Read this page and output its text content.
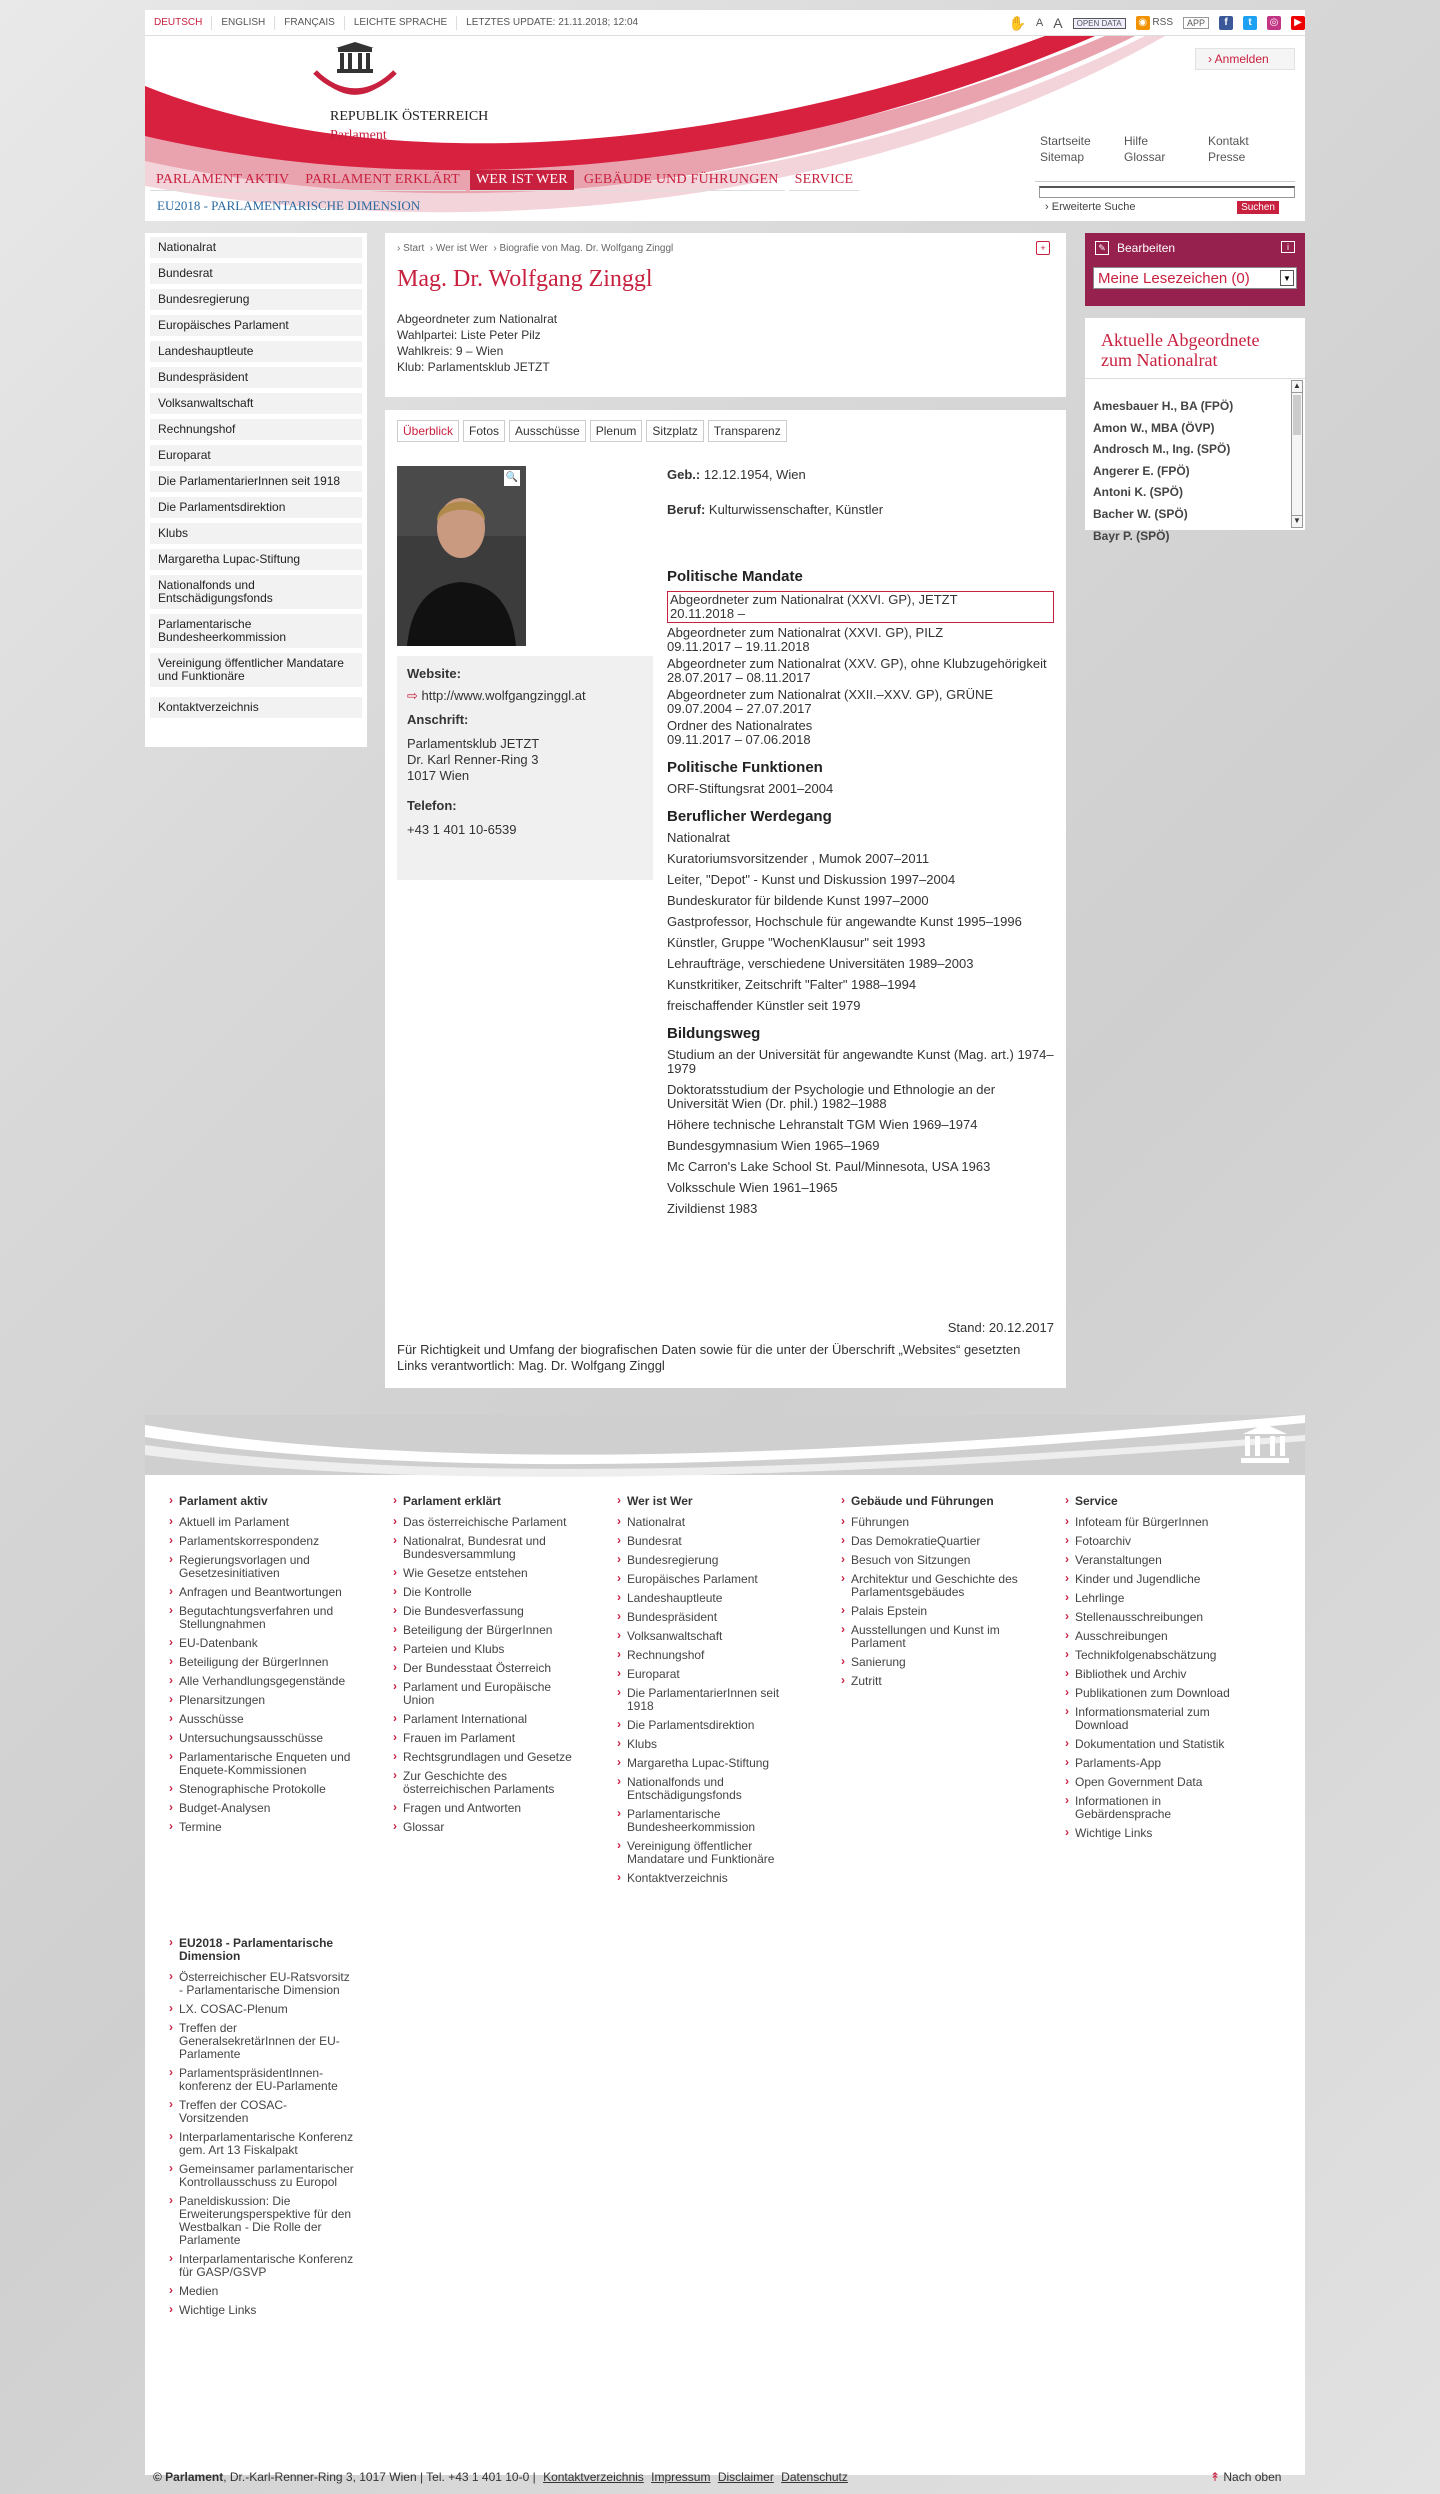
DEUTSCH	ENGLISH	FRANÇAIS	LEICHTE SPRACHE	LETZTES UPDATE: 21.11.2018; 12:04	✋ A A	OPEN DATA	◉ RSS	APP	f	t	◎	▶
REPUBLIK ÖSTERREICH
Parlament
› Anmelden
Startseite
Sitemap
Hilfe
Glossar
Kontakt
Presse
PARLAMENT AKTIV	PARLAMENT ERKLÄRT	WER IST WER	GEBÄUDE UND FÜHRUNGEN	SERVICE
EU2018 - PARLAMENTARISCHE DIMENSION	› Erweiterte Suche	Suchen
Nationalrat
Bundesrat
Bundesregierung
Europäisches Parlament
Landeshauptleute
Bundespräsident
Volksanwaltschaft
Rechnungshof
Europarat
Die ParlamentarierInnen seit 1918
Die Parlamentsdirektion
Klubs
Margaretha Lupac-Stiftung
Nationalfonds und Entschädigungsfonds
Parlamentarische Bundesheerkommission
Vereinigung öffentlicher Mandatare und Funktionäre
Kontaktverzeichnis
› Start  › Wer ist Wer  › Biografie von Mag. Dr. Wolfgang Zinggl	+
Mag. Dr. Wolfgang Zinggl
Abgeordneter zum Nationalrat
Wahlpartei: Liste Peter Pilz
Wahlkreis: 9 – Wien
Klub: Parlamentsklub JETZT
Überblick	Fotos	Ausschüsse	Plenum	Sitzplatz	Transparenz
🔍
Website:
⇨ http://www.wolfgangzinggl.at
Anschrift:
Parlamentsklub JETZT
Dr. Karl Renner-Ring 3
1017 Wien
Telefon:
+43 1 401 10-6539
Geb.: 12.12.1954, Wien
Beruf: Kulturwissenschafter, Künstler
Politische Mandate
Abgeordneter zum Nationalrat (XXVI. GP), JETZT
20.11.2018 –
Abgeordneter zum Nationalrat (XXVI. GP), PILZ
09.11.2017 – 19.11.2018
Abgeordneter zum Nationalrat (XXV. GP), ohne Klubzugehörigkeit
28.07.2017 – 08.11.2017
Abgeordneter zum Nationalrat (XXII.–XXV. GP), GRÜNE
09.07.2004 – 27.07.2017
Ordner des Nationalrates
09.11.2017 – 07.06.2018
Politische Funktionen
ORF-Stiftungsrat 2001–2004
Beruflicher Werdegang
Nationalrat
Kuratoriumsvorsitzender , Mumok 2007–2011
Leiter, "Depot" - Kunst und Diskussion 1997–2004
Bundeskurator für bildende Kunst 1997–2000
Gastprofessor, Hochschule für angewandte Kunst 1995–1996
Künstler, Gruppe "WochenKlausur" seit 1993
Lehraufträge, verschiedene Universitäten 1989–2003
Kunstkritiker, Zeitschrift "Falter" 1988–1994
freischaffender Künstler seit 1979
Bildungsweg
Studium an der Universität für angewandte Kunst (Mag. art.) 1974–1979
Doktoratsstudium der Psychologie und Ethnologie an der Universität Wien (Dr. phil.) 1982–1988
Höhere technische Lehranstalt TGM Wien 1969–1974
Bundesgymnasium Wien 1965–1969
Mc Carron's Lake School St. Paul/Minnesota, USA 1963
Volksschule Wien 1961–1965
Zivildienst 1983
Stand: 20.12.2017
Für Richtigkeit und Umfang der biografischen Daten sowie für die unter der Überschrift „Websites“ gesetzten Links verantwortlich: Mag. Dr. Wolfgang Zinggl
✎ Bearbeiten	i
Meine Lesezeichen (0)	▼
Aktuelle Abgeordnete zum Nationalrat
Amesbauer H., BA (FPÖ)
Amon W., MBA (ÖVP)
Androsch M., Ing. (SPÖ)
Angerer E. (FPÖ)
Antoni K. (SPÖ)
Bacher W. (SPÖ)
Bayr P. (SPÖ)
▲
▼
› Parlament aktiv
› Aktuell im Parlament
› Parlamentskorrespondenz
› Regierungsvorlagen und Gesetzesinitiativen
› Anfragen und Beantwortungen
› Begutachtungsverfahren und Stellungnahmen
› EU-Datenbank
› Beteiligung der BürgerInnen
› Alle Verhandlungsgegenstände
› Plenarsitzungen
› Ausschüsse
› Untersuchungsausschüsse
› Parlamentarische Enqueten und Enquete-Kommissionen
› Stenographische Protokolle
› Budget-Analysen
› Termine
› Parlament erklärt
› Das österreichische Parlament
› Nationalrat, Bundesrat und Bundesversammlung
› Wie Gesetze entstehen
› Die Kontrolle
› Die Bundesverfassung
› Beteiligung der BürgerInnen
› Parteien und Klubs
› Der Bundesstaat Österreich
› Parlament und Europäische Union
› Parlament International
› Frauen im Parlament
› Rechtsgrundlagen und Gesetze
› Zur Geschichte des österreichischen Parlaments
› Fragen und Antworten
› Glossar
› Wer ist Wer
› Nationalrat
› Bundesrat
› Bundesregierung
› Europäisches Parlament
› Landeshauptleute
› Bundespräsident
› Volksanwaltschaft
› Rechnungshof
› Europarat
› Die ParlamentarierInnen seit 1918
› Die Parlamentsdirektion
› Klubs
› Margaretha Lupac-Stiftung
› Nationalfonds und Entschädigungsfonds
› Parlamentarische Bundesheerkommission
› Vereinigung öffentlicher Mandatare und Funktionäre
› Kontaktverzeichnis
› Gebäude und Führungen
› Führungen
› Das DemokratieQuartier
› Besuch von Sitzungen
› Architektur und Geschichte des Parlamentsgebäudes
› Palais Epstein
› Ausstellungen und Kunst im Parlament
› Sanierung
› Zutritt
› Service
› Infoteam für BürgerInnen
› Fotoarchiv
› Veranstaltungen
› Kinder und Jugendliche
› Lehrlinge
› Stellenausschreibungen
› Ausschreibungen
› Technikfolgenabschätzung
› Bibliothek und Archiv
› Publikationen zum Download
› Informationsmaterial zum Download
› Dokumentation und Statistik
› Parlaments-App
› Open Government Data
› Informationen in Gebärdensprache
› Wichtige Links
› EU2018 - Parlamentarische Dimension
› Österreichischer EU-Ratsvorsitz - Parlamentarische Dimension
› LX. COSAC-Plenum
› Treffen der GeneralsekretärInnen der EU-Parlamente
› ParlamentspräsidentInnen-konferenz der EU-Parlamente
› Treffen der COSAC-Vorsitzenden
› Interparlamentarische Konferenz gem. Art 13 Fiskalpakt
› Gemeinsamer parlamentarischer Kontrollausschuss zu Europol
› Paneldiskussion: Die Erweiterungsperspektive für den Westbalkan - Die Rolle der Parlamente
› Interparlamentarische Konferenz für GASP/GSVP
› Medien
› Wichtige Links
© Parlament, Dr.-Karl-Renner-Ring 3, 1017 Wien | Tel. +43 1 401 10-0 | Kontaktverzeichnis Impressum Disclaimer Datenschutz	↟ Nach oben
